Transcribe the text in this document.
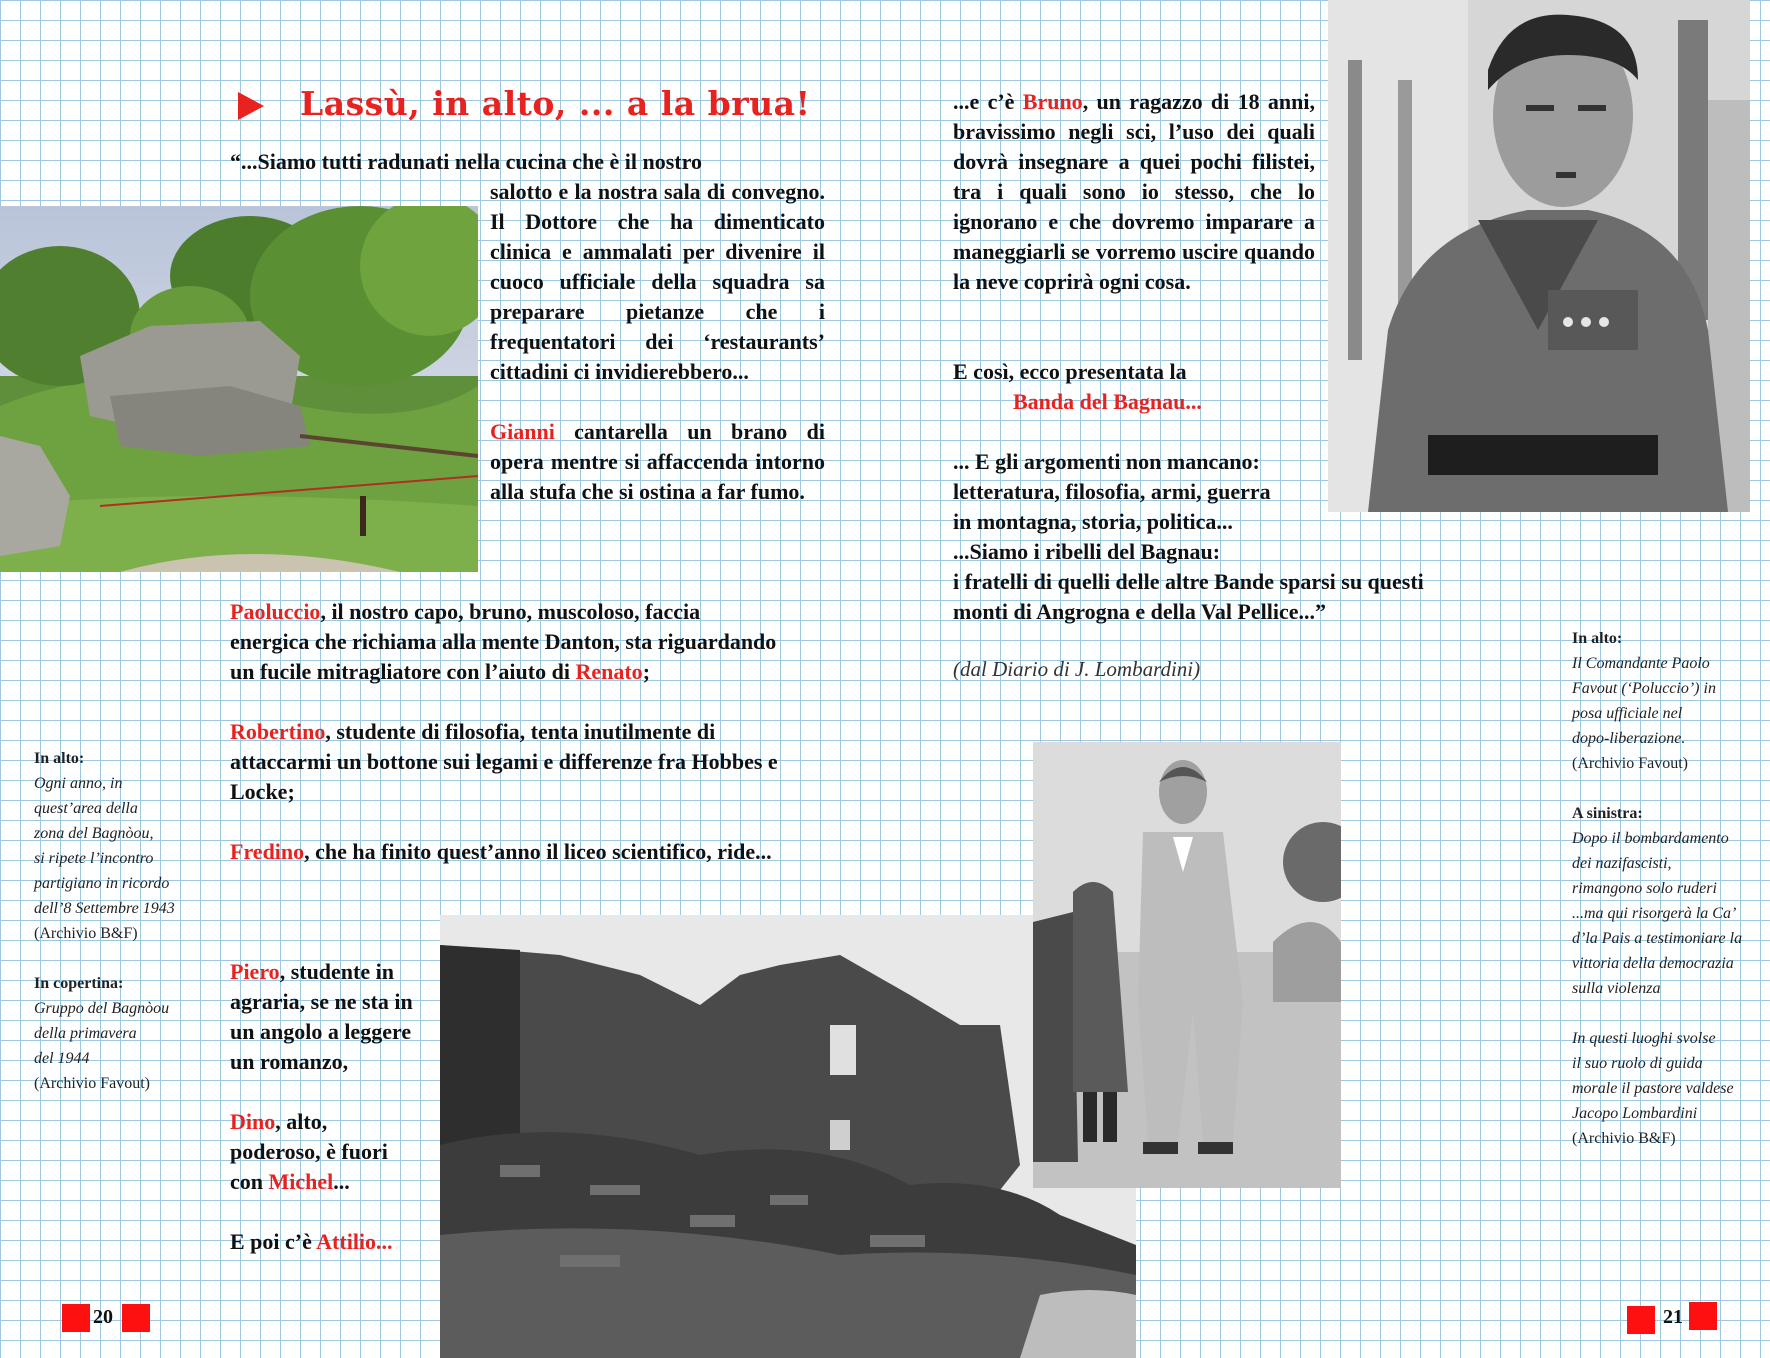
Lassù, in alto, ... a la brua!
“...Siamo tutti radunati nella cucina che è il nostro

salotto e la nostra sala di convegno. Il Dottore che ha dimenticato clinica e ammalati per divenire il cuoco ufficiale della squadra sa preparare pietanze che i frequentatori dei ‘restaurants’ cittadini ci invidierebbero...

Gianni cantarella un brano di opera mentre si affaccenda intorno alla stufa che si ostina a far fumo.

Paoluccio, il nostro capo, bruno, muscoloso, faccia energica che richiama alla mente Danton, sta riguardando un fucile mitragliatore con l’aiuto di Renato;

Robertino, studente di filosofia, tenta inutilmente di attaccarmi un bottone sui legami e differenze fra Hobbes e Locke;

Fredino, che ha finito quest’anno il liceo scientifico, ride...

Piero, studente in agraria, se ne sta in un angolo a leggere un romanzo,

Dino, alto, poderoso, è fuori con Michel...

E poi c’è Attilio...

In alto:
Ogni anno, in
quest’area della
zona del Bagnòou,
si ripete l’incontro
partigiano in ricordo
dell’8 Settembre 1943
(Archivio B&F)
In copertina:
Gruppo del Bagnòou
della primavera
del 1944
(Archivio Favout)

...e c’è Bruno, un ragazzo di 18 anni, bravissimo negli sci, l’uso dei quali dovrà insegnare a quei pochi filistei, tra i quali sono io stesso, che lo ignorano e che dovremo imparare a maneggiarli se vorremo uscire quando la neve coprirà ogni cosa.

E così, ecco presentata la
Banda del Bagnau...
... E gli argomenti non mancano:
letteratura, filosofia, armi, guerra
in montagna, storia, politica...
...Siamo i ribelli del Bagnau:
i fratelli di quelli delle altre Bande sparsi su questi
monti di Angrogna e della Val Pellice...”
(dal Diario di J. Lombardini)
In alto:
Il Comandante Paolo
Favout (‘Poluccio’) in
posa ufficiale nel
dopo-liberazione.
(Archivio Favout)
A sinistra:
Dopo il bombardamento
dei nazifascisti,
rimangono solo ruderi
...ma qui risorgerà la Ca’
d’la Pais a testimoniare la
vittoria della democrazia
sulla violenza
In questi luoghi svolse
il suo ruolo di guida
morale il pastore valdese
Jacopo Lombardini
(Archivio B&F)
20	21
